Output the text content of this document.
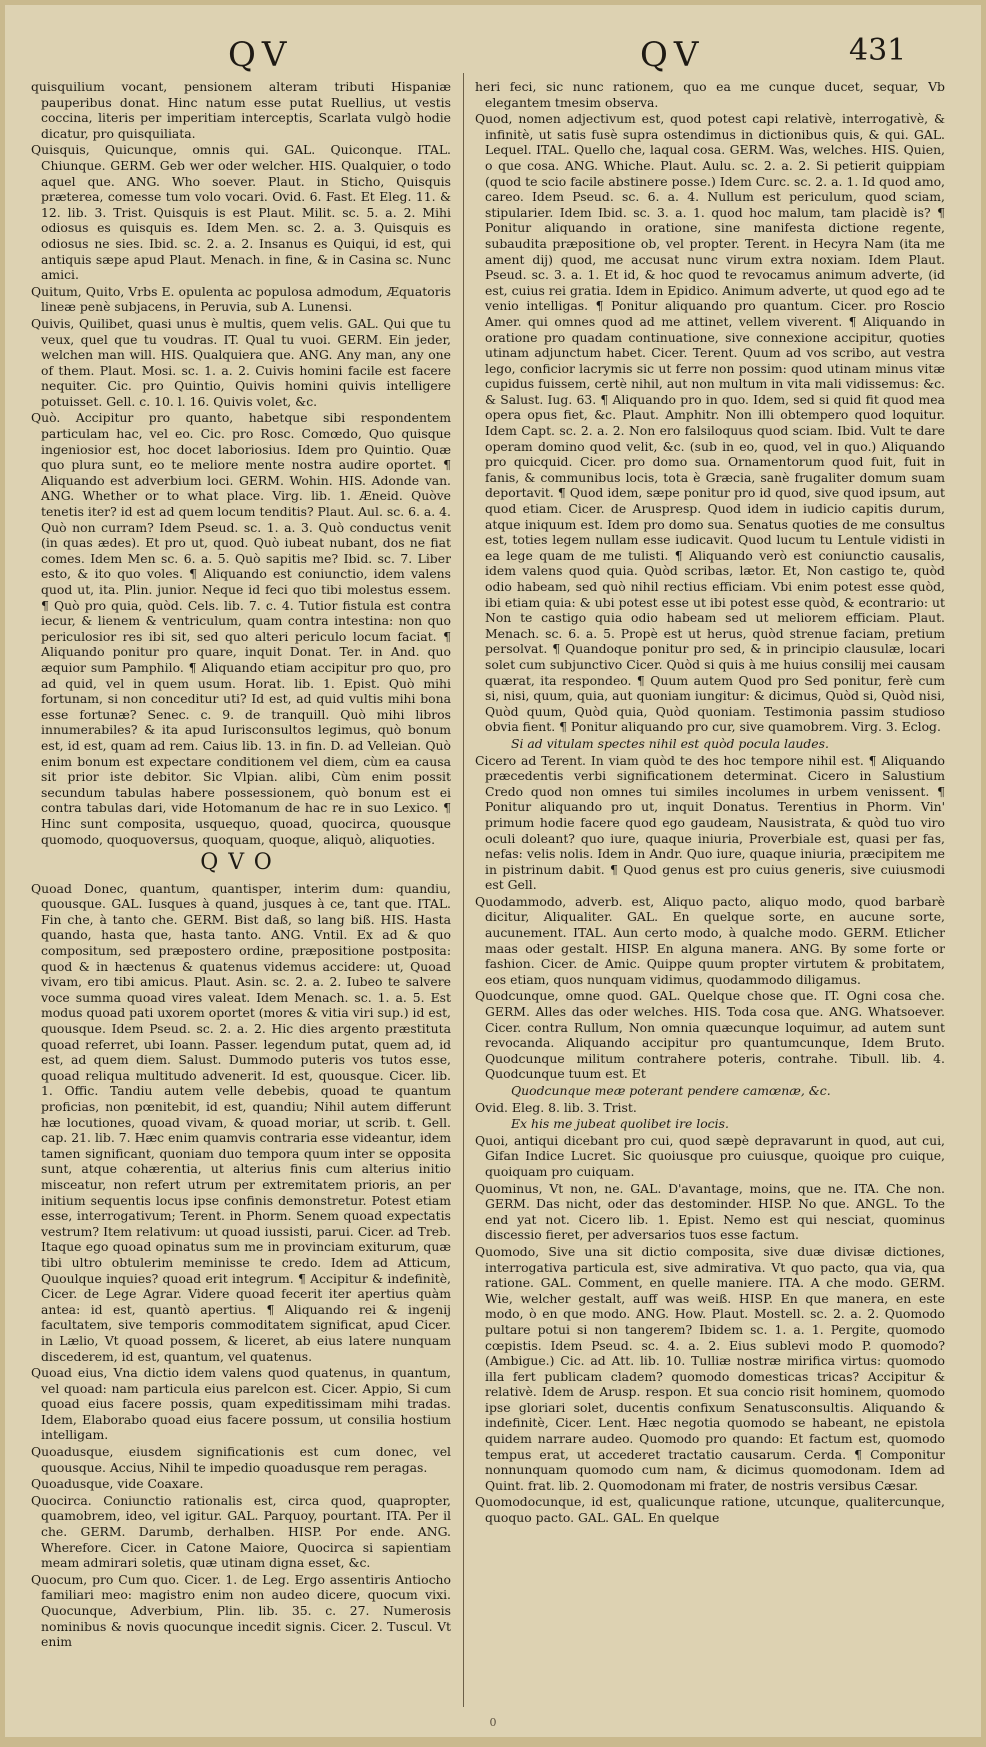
QV	QV	431

quisquilium vocant, pensionem alteram tributi Hispaniæ pauperibus donat. Hinc natum esse putat Ruellius, ut vestis coccina, literis per imperitiam interceptis, Scarlata vulgò hodie dicatur, pro quisquiliata.

Quisquis, Quicunque, omnis qui. GAL. Quiconque. ITAL. Chiunque. GERM. Geb wer oder welcher. HIS. Qualquier, o todo aquel que. ANG. Who soever. Plaut. in Sticho, Quisquis præterea, comesse tum volo vocari. Ovid. 6. Fast. Et Eleg. 11. & 12. lib. 3. Trist. Quisquis is est Plaut. Milit. sc. 5. a. 2. Mihi odiosus es quisquis es. Idem Men. sc. 2. a. 3. Quisquis es odiosus ne sies. Ibid. sc. 2. a. 2. Insanus es Quiqui, id est, qui antiquis sæpe apud Plaut. Menach. in fine, & in Casina sc. Nunc amici.

Quitum, Quito, Vrbs E. opulenta ac populosa admodum, Æquatoris lineæ penè subjacens, in Peruvia, sub A. Lunensi.

Quivis, Quilibet, quasi unus è multis, quem velis. GAL. Qui que tu veux, quel que tu voudras. IT. Qual tu vuoi. GERM. Ein jeder, welchen man will. HIS. Qualquiera que. ANG. Any man, any one of them. Plaut. Mosi. sc. 1. a. 2. Cuivis homini facile est facere nequiter. Cic. pro Quintio, Quivis homini quivis intelligere potuisset. Gell. c. 10. l. 16. Quivis volet, &c.

Quò. Accipitur pro quanto, habetque sibi respondentem particulam hac, vel eo. Cic. pro Rosc. Comœdo, Quo quisque ingeniosior est, hoc docet laboriosius. Idem pro Quintio. Quæ quo plura sunt, eo te meliore mente nostra audire oportet. ¶ Aliquando est adverbium loci. GERM. Wohin. HIS. Adonde van. ANG. Whether or to what place. Virg. lib. 1. Æneid. Quòve tenetis iter? id est ad quem locum tenditis? Plaut. Aul. sc. 6. a. 4. Quò non curram? Idem Pseud. sc. 1. a. 3. Quò conductus venit (in quas ædes). Et pro ut, quod. Quò iubeat nubant, dos ne fiat comes. Idem Men sc. 6. a. 5. Quò sapitis me? Ibid. sc. 7. Liber esto, & ito quo voles. ¶ Aliquando est coniunctio, idem valens quod ut, ita. Plin. junior. Neque id feci quo tibi molestus essem. ¶ Quò pro quia, quòd. Cels. lib. 7. c. 4. Tutior fistula est contra iecur, & lienem & ventriculum, quam contra intestina: non quo periculosior res ibi sit, sed quo alteri periculo locum faciat. ¶ Aliquando ponitur pro quare, inquit Donat. Ter. in And. quo æquior sum Pamphilo. ¶ Aliquando etiam accipitur pro quo, pro ad quid, vel in quem usum. Horat. lib. 1. Epist. Quò mihi fortunam, si non conceditur uti? Id est, ad quid vultis mihi bona esse fortunæ? Senec. c. 9. de tranquill. Quò mihi libros innumerabiles? & ita apud Iurisconsultos legimus, quò bonum est, id est, quam ad rem. Caius lib. 13. in fin. D. ad Velleian. Quò enim bonum est expectare conditionem vel diem, cùm ea causa sit prior iste debitor. Sic Vlpian. alibi, Cùm enim possit secundum tabulas habere possessionem, quò bonum est ei contra tabulas dari, vide Hotomanum de hac re in suo Lexico. ¶ Hinc sunt composita, usquequo, quoad, quocirca, quousque quomodo, quoquoversus, quoquam, quoque, aliquò, aliquoties.

QVO

Quoad Donec, quantum, quantisper, interim dum: quandiu, quousque. GAL. Iusques à quand, jusques à ce, tant que. ITAL. Fin che, à tanto che. GERM. Bist daß, so lang biß. HIS. Hasta quando, hasta que, hasta tanto. ANG. Vntil. Ex ad & quo compositum, sed præpostero ordine, præpositione postposita: quod & in hæctenus & quatenus videmus accidere: ut, Quoad vivam, ero tibi amicus. Plaut. Asin. sc. 2. a. 2. Iubeo te salvere voce summa quoad vires valeat. Idem Menach. sc. 1. a. 5. Est modus quoad pati uxorem oportet (mores & vitia viri sup.) id est, quousque. Idem Pseud. sc. 2. a. 2. Hic dies argento præstituta quoad referret, ubi Ioann. Passer. legendum putat, quem ad, id est, ad quem diem. Salust. Dummodo puteris vos tutos esse, quoad reliqua multitudo advenerit. Id est, quousque. Cicer. lib. 1. Offic. Tandiu autem velle debebis, quoad te quantum proficias, non pœnitebit, id est, quandiu; Nihil autem differunt hæ locutiones, quoad vivam, & quoad moriar, ut scrib. t. Gell. cap. 21. lib. 7. Hæc enim quamvis contraria esse videantur, idem tamen significant, quoniam duo tempora quum inter se opposita sunt, atque cohærentia, ut alterius finis cum alterius initio misceatur, non refert utrum per extremitatem prioris, an per initium sequentis locus ipse confinis demonstretur. Potest etiam esse, interrogativum; Terent. in Phorm. Senem quoad expectatis vestrum? Item relativum: ut quoad iussisti, parui. Cicer. ad Treb. Itaque ego quoad opinatus sum me in provinciam exiturum, quæ tibi ultro obtulerim meminisse te credo. Idem ad Atticum, Quoulque inquies? quoad erit integrum. ¶ Accipitur & indefinitè, Cicer. de Lege Agrar. Videre quoad fecerit iter apertius quàm antea: id est, quantò apertius. ¶ Aliquando rei & ingenij facultatem, sive temporis commoditatem significat, apud Cicer. in Lælio, Vt quoad possem, & liceret, ab eius latere nunquam discederem, id est, quantum, vel quatenus.

Quoad eius, Vna dictio idem valens quod quatenus, in quantum, vel quoad: nam particula eius parelcon est. Cicer. Appio, Si cum quoad eius facere possis, quam expeditissimam mihi tradas. Idem, Elaborabo quoad eius facere possum, ut consilia hostium intelligam.

Quoadusque, eiusdem significationis est cum donec, vel quousque. Accius, Nihil te impedio quoadusque rem peragas.

Quoadusque, vide Coaxare.

Quocirca. Coniunctio rationalis est, circa quod, quapropter, quamobrem, ideo, vel igitur. GAL. Parquoy, pourtant. ITA. Per il che. GERM. Darumb, derhalben. HISP. Por ende. ANG. Wherefore. Cicer. in Catone Maiore, Quocirca si sapientiam meam admirari soletis, quæ utinam digna esset, &c.

Quocum, pro Cum quo. Cicer. 1. de Leg. Ergo assentiris Antiocho familiari meo: magistro enim non audeo dicere, quocum vixi. Quocunque, Adverbium, Plin. lib. 35. c. 27. Numerosis nominibus & novis quocunque incedit signis. Cicer. 2. Tuscul. Vt enim

heri feci, sic nunc rationem, quo ea me cunque ducet, sequar, Vb elegantem tmesim observa.

Quod, nomen adjectivum est, quod potest capi relativè, interrogativè, & infinitè, ut satis fusè supra ostendimus in dictionibus quis, & qui. GAL. Lequel. ITAL. Quello che, laqual cosa. GERM. Was, welches. HIS. Quien, o que cosa. ANG. Whiche. Plaut. Aulu. sc. 2. a. 2. Si petierit quippiam (quod te scio facile abstinere posse.) Idem Curc. sc. 2. a. 1. Id quod amo, careo. Idem Pseud. sc. 6. a. 4. Nullum est periculum, quod sciam, stipularier. Idem Ibid. sc. 3. a. 1. quod hoc malum, tam placidè is? ¶ Ponitur aliquando in oratione, sine manifesta dictione regente, subaudita præpositione ob, vel propter. Terent. in Hecyra Nam (ita me ament dij) quod, me accusat nunc virum extra noxiam. Idem Plaut. Pseud. sc. 3. a. 1. Et id, & hoc quod te revocamus animum adverte, (id est, cuius rei gratia. Idem in Epidico. Animum adverte, ut quod ego ad te venio intelligas. ¶ Ponitur aliquando pro quantum. Cicer. pro Roscio Amer. qui omnes quod ad me attinet, vellem viverent. ¶ Aliquando in oratione pro quadam continuatione, sive connexione accipitur, quoties utinam adjunctum habet. Cicer. Terent. Quum ad vos scribo, aut vestra lego, conficior lacrymis sic ut ferre non possim: quod utinam minus vitæ cupidus fuissem, certè nihil, aut non multum in vita mali vidissemus: &c. & Salust. Iug. 63. ¶ Aliquando pro in quo. Idem, sed si quid fit quod mea opera opus fiet, &c. Plaut. Amphitr. Non illi obtempero quod loquitur. Idem Capt. sc. 2. a. 2. Non ero falsiloquus quod sciam. Ibid. Vult te dare operam domino quod velit, &c. (sub in eo, quod, vel in quo.) Aliquando pro quicquid. Cicer. pro domo sua. Ornamentorum quod fuit, fuit in fanis, & communibus locis, tota è Græcia, sanè frugaliter domum suam deportavit. ¶ Quod idem, sæpe ponitur pro id quod, sive quod ipsum, aut quod etiam. Cicer. de Aruspresp. Quod idem in iudicio capitis durum, atque iniquum est. Idem pro domo sua. Senatus quoties de me consultus est, toties legem nullam esse iudicavit. Quod lucum tu Lentule vidisti in ea lege quam de me tulisti. ¶ Aliquando verò est coniunctio causalis, idem valens quod quia. Quòd scribas, lætor. Et, Non castigo te, quòd odio habeam, sed quò nihil rectius efficiam. Vbi enim potest esse quòd, ibi etiam quia: & ubi potest esse ut ibi potest esse quòd, & econtrario: ut Non te castigo quia odio habeam sed ut meliorem efficiam. Plaut. Menach. sc. 6. a. 5. Propè est ut herus, quòd strenue faciam, pretium persolvat. ¶ Quandoque ponitur pro sed, & in principio clausulæ, locari solet cum subjunctivo Cicer. Quòd si quis à me huius consilij mei causam quærat, ita respondeo. ¶ Quum autem Quod pro Sed ponitur, ferè cum si, nisi, quum, quia, aut quoniam iungitur: & dicimus, Quòd si, Quòd nisi, Quòd quum, Quòd quia, Quòd quoniam. Testimonia passim studioso obvia fient. ¶ Ponitur aliquando pro cur, sive quamobrem. Virg. 3. Eclog.

Si ad vitulam spectes nihil est quòd pocula laudes.

Cicero ad Terent. In viam quòd te des hoc tempore nihil est. ¶ Aliquando præcedentis verbi significationem determinat. Cicero in Salustium Credo quod non omnes tui similes incolumes in urbem venissent. ¶ Ponitur aliquando pro ut, inquit Donatus. Terentius in Phorm. Vin' primum hodie facere quod ego gaudeam, Nausistrata, & quòd tuo viro oculi doleant? quo iure, quaque iniuria, Proverbiale est, quasi per fas, nefas: velis nolis. Idem in Andr. Quo iure, quaque iniuria, præcipitem me in pistrinum dabit. ¶ Quod genus est pro cuius generis, sive cuiusmodi est Gell.

Quodammodo, adverb. est, Aliquo pacto, aliquo modo, quod barbarè dicitur, Aliqualiter. GAL. En quelque sorte, en aucune sorte, aucunement. ITAL. Aun certo modo, à qualche modo. GERM. Etlicher maas oder gestalt. HISP. En alguna manera. ANG. By some forte or fashion. Cicer. de Amic. Quippe quum propter virtutem & probitatem, eos etiam, quos nunquam vidimus, quodammodo diligamus.

Quodcunque, omne quod. GAL. Quelque chose que. IT. Ogni cosa che. GERM. Alles das oder welches. HIS. Toda cosa que. ANG. Whatsoever. Cicer. contra Rullum, Non omnia quæcunque loquimur, ad autem sunt revocanda. Aliquando accipitur pro quantumcunque, Idem Bruto. Quodcunque militum contrahere poteris, contrahe. Tibull. lib. 4. Quodcunque tuum est. Et

Quodcunque meæ poterant pendere camœnæ, &c.

Ovid. Eleg. 8. lib. 3. Trist.

Ex his me jubeat quolibet ire locis.

Quoi, antiqui dicebant pro cui, quod sæpè depravarunt in quod, aut cui, Gifan Indice Lucret. Sic quoiusque pro cuiusque, quoique pro cuique, quoiquam pro cuiquam.

Quominus, Vt non, ne. GAL. D'avantage, moins, que ne. ITA. Che non. GERM. Das nicht, oder das destominder. HISP. No que. ANGL. To the end yat not. Cicero lib. 1. Epist. Nemo est qui nesciat, quominus discessio fieret, per adversarios tuos esse factum.

Quomodo, Sive una sit dictio composita, sive duæ divisæ dictiones, interrogativa particula est, sive admirativa. Vt quo pacto, qua via, qua ratione. GAL. Comment, en quelle maniere. ITA. A che modo. GERM. Wie, welcher gestalt, auff was weiß. HISP. En que manera, en este modo, ò en que modo. ANG. How. Plaut. Mostell. sc. 2. a. 2. Quomodo pultare potui si non tangerem? Ibidem sc. 1. a. 1. Pergite, quomodo cœpistis. Idem Pseud. sc. 4. a. 2. Eius sublevi modo P. quomodo? (Ambigue.) Cic. ad Att. lib. 10. Tulliæ nostræ mirifica virtus: quomodo illa fert publicam cladem? quomodo domesticas tricas? Accipitur & relativè. Idem de Arusp. respon. Et sua concio risit hominem, quomodo ipse gloriari solet, ducentis confixum Senatusconsultis. Aliquando & indefinitè, Cicer. Lent. Hæc negotia quomodo se habeant, ne epistola quidem narrare audeo. Quomodo pro quando: Et factum est, quomodo tempus erat, ut accederet tractatio causarum. Cerda. ¶ Componitur nonnunquam quomodo cum nam, & dicimus quomodonam. Idem ad Quint. frat. lib. 2. Quomodonam mi frater, de nostris versibus Cæsar.

Quomodocunque, id est, qualicunque ratione, utcunque, qualitercunque, quoquo pacto. GAL. GAL. En quelque

0
